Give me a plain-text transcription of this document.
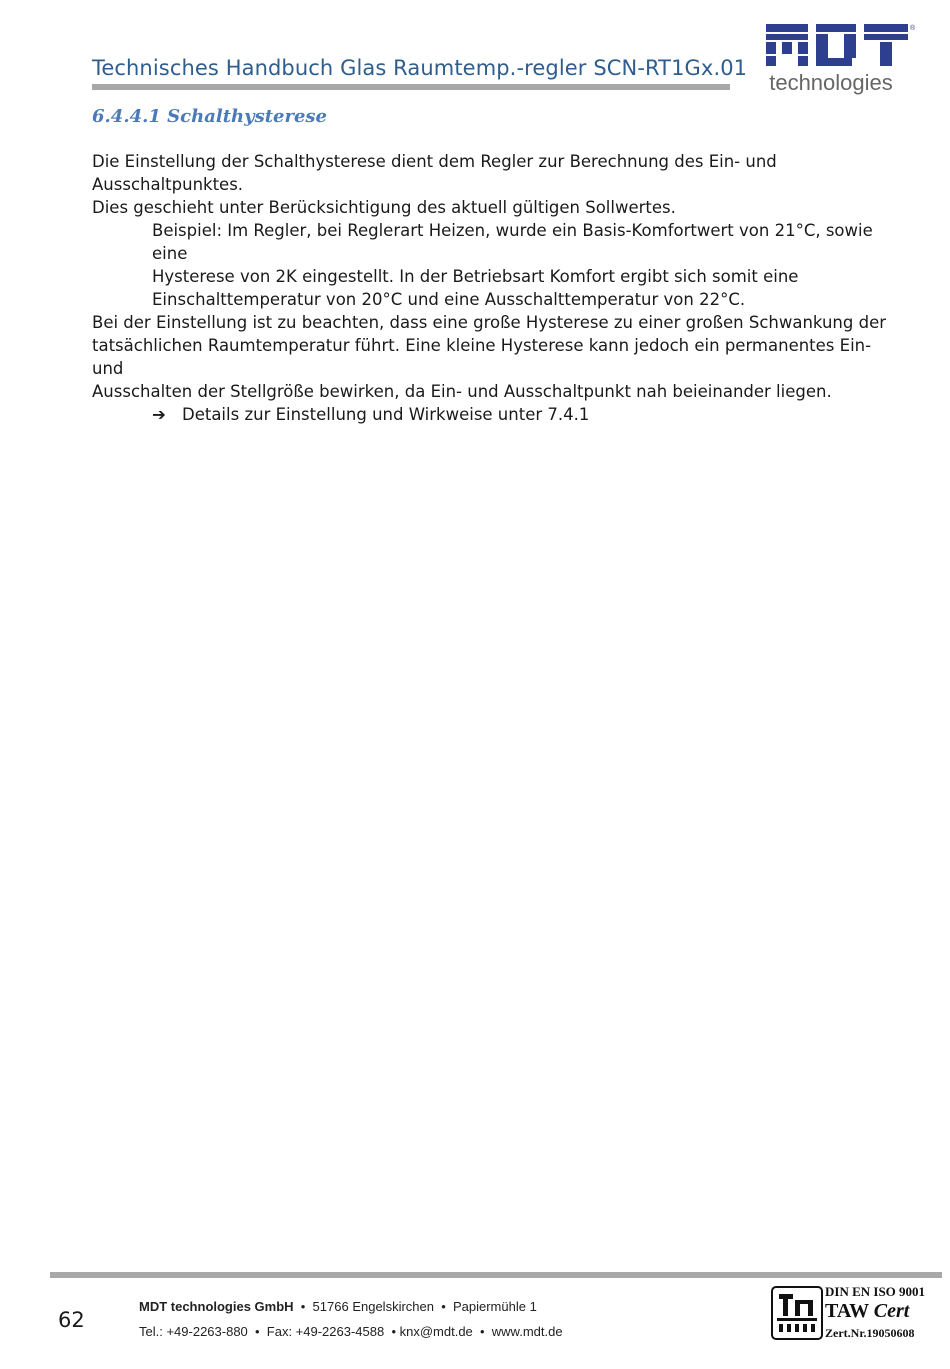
Technisches Handbuch Glas Raumtemp.-regler SCN-RT1Gx.01
®
technologies
6.4.4.1 Schalthysterese

Die Einstellung der Schalthysterese dient dem Regler zur Berechnung des Ein- und Ausschaltpunktes.

Dies geschieht unter Berücksichtigung des aktuell gültigen Sollwertes.

Beispiel: Im Regler, bei Reglerart Heizen, wurde ein Basis-Komfortwert von 21°C, sowie eine

Hysterese von 2K eingestellt. In der Betriebsart Komfort ergibt sich somit eine

Einschalttemperatur von 20°C und eine Ausschalttemperatur von 22°C.

Bei der Einstellung ist zu beachten, dass eine große Hysterese zu einer großen Schwankung der

tatsächlichen Raumtemperatur führt. Eine kleine Hysterese kann jedoch ein permanentes Ein- und

Ausschalten der Stellgröße bewirken, da Ein- und Ausschaltpunkt nah beieinander liegen.

➔ Details zur Einstellung und Wirkweise unter 7.4.1

62
MDT technologies GmbH  •  51766 Engelskirchen  •  Papiermühle 1
Tel.: +49-2263-880  •  Fax: +49-2263-4588  • knx@mdt.de  •  www.mdt.de
DIN EN ISO 9001
TAW Cert
Zert.Nr.19050608
